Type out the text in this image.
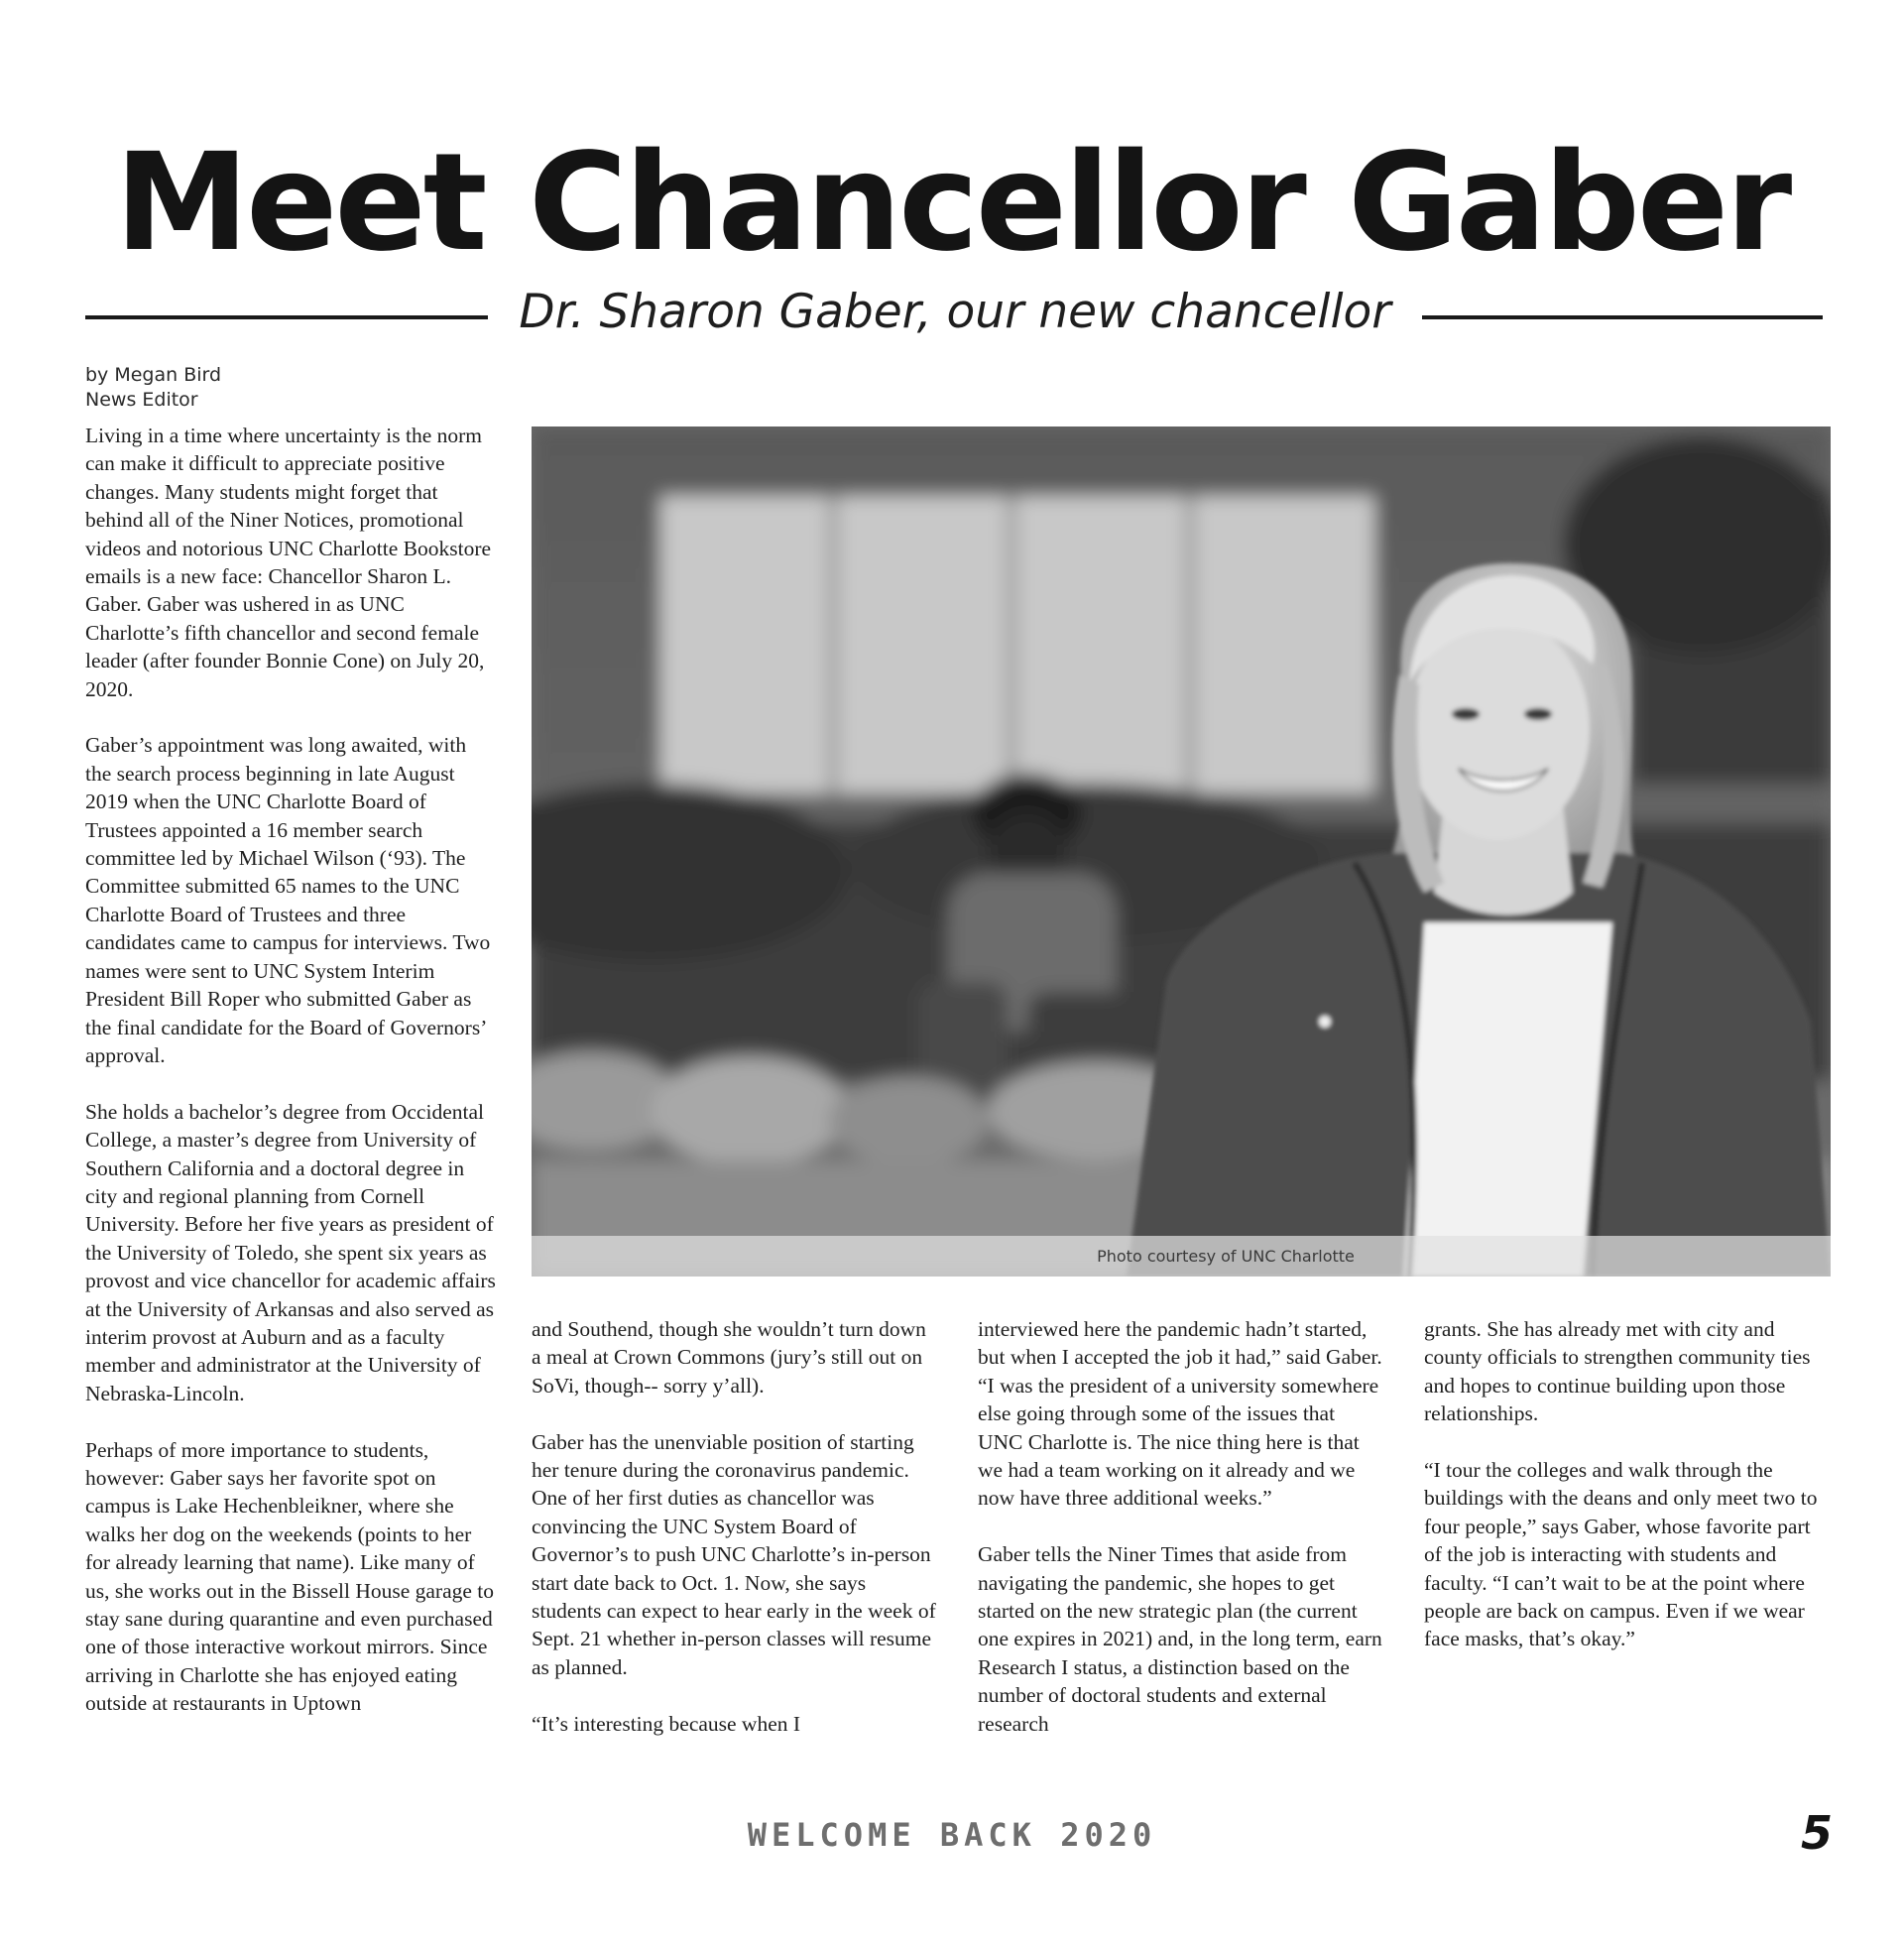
Meet Chancellor Gaber
Dr. Sharon Gaber, our new chancellor
by Megan Bird
News Editor

Living in a time where uncertainty is the norm can make it difficult to appreciate positive changes. Many students might forget that behind all of the Niner Notices, promotional videos and notorious UNC Charlotte Bookstore emails is a new face: Chancellor Sharon L. Gaber. Gaber was ushered in as UNC Charlotte’s fifth chancellor and second female leader (after founder Bonnie Cone) on July 20, 2020.

Gaber’s appointment was long awaited, with the search process beginning in late August 2019 when the UNC Charlotte Board of Trustees appointed a 16 member search committee led by Michael Wilson (‘93). The Committee submitted 65 names to the UNC Charlotte Board of Trustees and three candidates came to campus for interviews. Two names were sent to UNC System Interim President Bill Roper who submitted Gaber as the final candidate for the Board of Governors’ approval.

She holds a bachelor’s degree from Occidental College, a master’s degree from University of Southern California and a doctoral degree in city and regional planning from Cornell University. Before her five years as president of the University of Toledo, she spent six years as provost and vice chancellor for academic affairs at the University of Arkansas and also served as interim provost at Auburn and as a faculty member and administrator at the University of Nebraska-Lincoln.

Perhaps of more importance to students, however: Gaber says her favorite spot on campus is Lake Hechenbleikner, where she walks her dog on the weekends (points to her for already learning that name). Like many of us, she works out in the Bissell House garage to stay sane during quarantine and even purchased one of those interactive workout mirrors. Since arriving in Charlotte she has enjoyed eating outside at restaurants in Uptown

Photo courtesy of UNC Charlotte

and Southend, though she wouldn’t turn down a meal at Crown Commons (jury’s still out on SoVi, though-- sorry y’all).

Gaber has the unenviable position of starting her tenure during the coronavirus pandemic. One of her first duties as chancellor was convincing the UNC System Board of Governor’s to push UNC Charlotte’s in-person start date back to Oct. 1. Now, she says students can expect to hear early in the week of Sept. 21 whether in-person classes will resume as planned.

“It’s interesting because when I

interviewed here the pandemic hadn’t started, but when I accepted the job it had,” said Gaber. “I was the president of a university somewhere else going through some of the issues that UNC Charlotte is. The nice thing here is that we had a team working on it already and we now have three additional weeks.”

Gaber tells the Niner Times that aside from navigating the pandemic, she hopes to get started on the new strategic plan (the current one expires in 2021) and, in the long term, earn Research I status, a distinction based on the number of doctoral students and external research

grants. She has already met with city and county officials to strengthen community ties and hopes to continue building upon those relationships.

“I tour the colleges and walk through the buildings with the deans and only meet two to four people,” says Gaber, whose favorite part of the job is interacting with students and faculty. “I can’t wait to be at the point where people are back on campus. Even if we wear face masks, that’s okay.”

WELCOME BACK 2020	5
